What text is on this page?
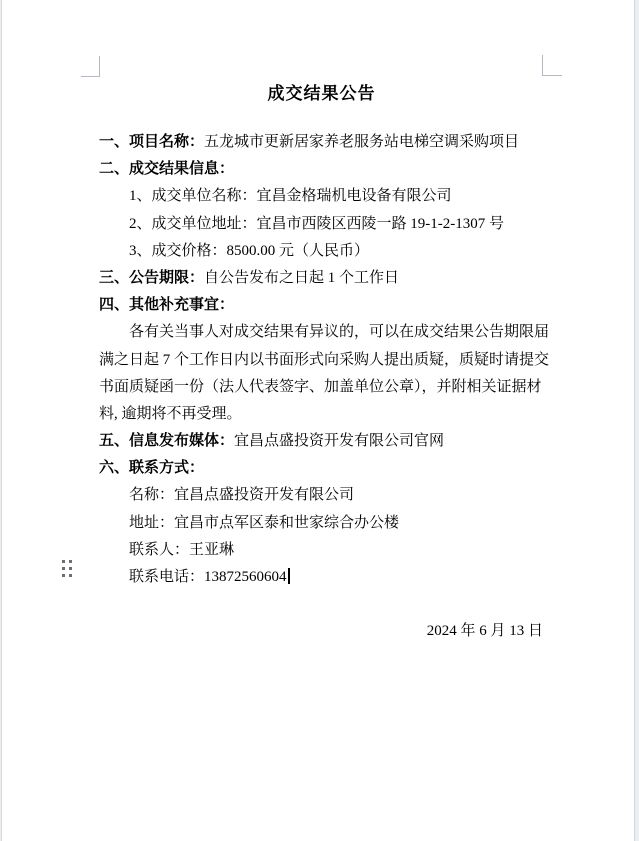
成交结果公告
一、项目名称：五龙城市更新居家养老服务站电梯空调采购项目
二、成交结果信息：
1、成交单位名称：宜昌金格瑞机电设备有限公司
2、成交单位地址：宜昌市西陵区西陵一路 19-1-2-1307 号
3、成交价格：8500.00 元（人民币）
三、公告期限：自公告发布之日起 1 个工作日
四、其他补充事宜：
各有关当事人对成交结果有异议的，可以在成交结果公告期限届
满之日起 7 个工作日内以书面形式向采购人提出质疑，质疑时请提交
书面质疑函一份（法人代表签字、加盖单位公章），并附相关证据材
料, 逾期将不再受理。
五、信息发布媒体：宜昌点盛投资开发有限公司官网
六、联系方式：
名称：宜昌点盛投资开发有限公司
地址：宜昌市点军区泰和世家综合办公楼
联系人：王亚琳
联系电话：13872560604
2024 年 6 月 13 日
